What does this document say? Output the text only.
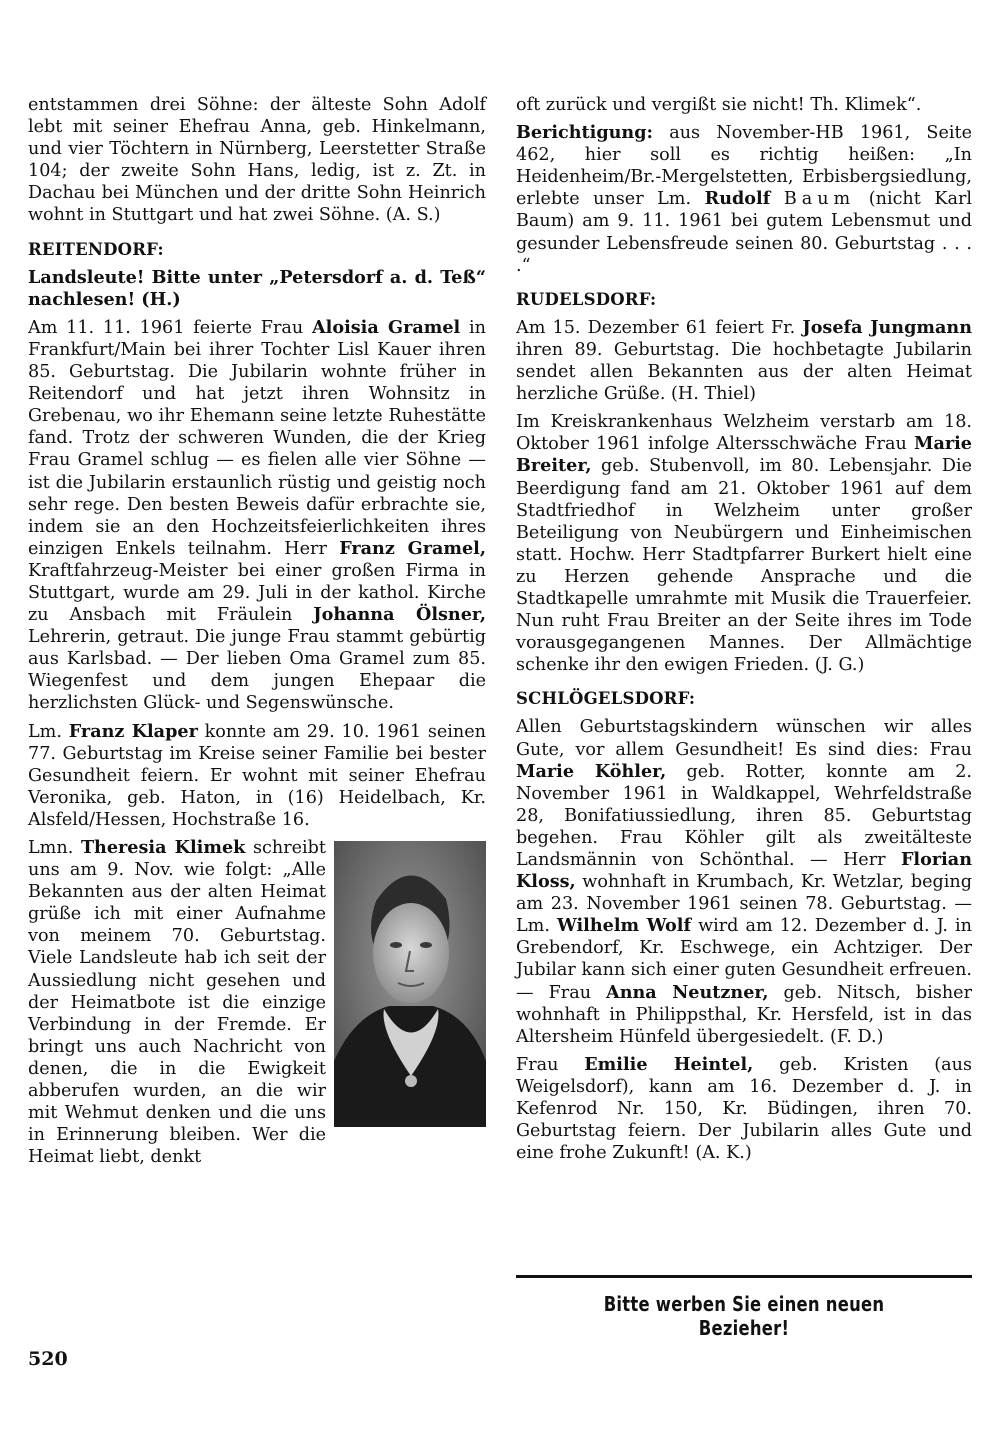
entstammen drei Söhne: der älteste Sohn Adolf lebt mit seiner Ehefrau Anna, geb. Hinkelmann, und vier Töchtern in Nürnberg, Leerstetter Straße 104; der zweite Sohn Hans, ledig, ist z. Zt. in Dachau bei München und der dritte Sohn Heinrich wohnt in Stuttgart und hat zwei Söhne. (A. S.)

REITENDORF:

Landsleute! Bitte unter „Petersdorf a. d. Teß“ nachlesen! (H.)

Am 11. 11. 1961 feierte Frau Aloisia Gramel in Frankfurt/Main bei ihrer Tochter Lisl Kauer ihren 85. Geburtstag. Die Jubilarin wohnte früher in Reitendorf und hat jetzt ihren Wohnsitz in Grebenau, wo ihr Ehemann seine letzte Ruhestätte fand. Trotz der schweren Wunden, die der Krieg Frau Gramel schlug — es fielen alle vier Söhne — ist die Jubilarin erstaunlich rüstig und geistig noch sehr rege. Den besten Beweis dafür erbrachte sie, indem sie an den Hochzeitsfeierlichkeiten ihres einzigen Enkels teilnahm. Herr Franz Gramel, Kraftfahrzeug-Meister bei einer großen Firma in Stuttgart, wurde am 29. Juli in der kathol. Kirche zu Ansbach mit Fräulein Johanna Ölsner, Lehrerin, getraut. Die junge Frau stammt gebürtig aus Karlsbad. — Der lieben Oma Gramel zum 85. Wiegenfest und dem jungen Ehepaar die herzlichsten Glück- und Segenswünsche.

Lm. Franz Klaper konnte am 29. 10. 1961 seinen 77. Geburtstag im Kreise seiner Familie bei bester Gesundheit feiern. Er wohnt mit seiner Ehefrau Veronika, geb. Haton, in (16) Heidelbach, Kr. Alsfeld/Hessen, Hochstraße 16.

Lmn. Theresia Klimek schreibt uns am 9. Nov. wie folgt: „Alle Bekannten aus der alten Heimat grüße ich mit einer Aufnahme von meinem 70. Geburtstag. Viele Landsleute hab ich seit der Aussiedlung nicht gesehen und der Heimatbote ist die einzige Verbindung in der Fremde. Er bringt uns auch Nachricht von denen, die in die Ewigkeit abberufen wurden, an die wir mit Wehmut denken und die uns in Erinnerung bleiben. Wer die Heimat liebt, denkt

oft zurück und vergißt sie nicht! Th. Klimek“.

Berichtigung: aus November-HB 1961, Seite 462, hier soll es richtig heißen: „In Heidenheim/Br.-Mergelstetten, Erbisbergsiedlung, erlebte unser Lm. Rudolf Baum (nicht Karl Baum) am 9. 11. 1961 bei gutem Lebensmut und gesunder Lebensfreude seinen 80. Geburtstag . . . .“

RUDELSDORF:

Am 15. Dezember 61 feiert Fr. Josefa Jungmann ihren 89. Geburtstag. Die hochbetagte Jubilarin sendet allen Bekannten aus der alten Heimat herzliche Grüße. (H. Thiel)

Im Kreiskrankenhaus Welzheim verstarb am 18. Oktober 1961 infolge Altersschwäche Frau Marie Breiter, geb. Stubenvoll, im 80. Lebensjahr. Die Beerdigung fand am 21. Oktober 1961 auf dem Stadtfriedhof in Welzheim unter großer Beteiligung von Neubürgern und Einheimischen statt. Hochw. Herr Stadtpfarrer Burkert hielt eine zu Herzen gehende Ansprache und die Stadtkapelle umrahmte mit Musik die Trauerfeier. Nun ruht Frau Breiter an der Seite ihres im Tode vorausgegangenen Mannes. Der Allmächtige schenke ihr den ewigen Frieden. (J. G.)

SCHLÖGELSDORF:

Allen Geburtstagskindern wünschen wir alles Gute, vor allem Gesundheit! Es sind dies: Frau Marie Köhler, geb. Rotter, konnte am 2. November 1961 in Waldkappel, Wehrfeldstraße 28, Bonifatiussiedlung, ihren 85. Geburtstag begehen. Frau Köhler gilt als zweitälteste Landsmännin von Schönthal. — Herr Florian Kloss, wohnhaft in Krumbach, Kr. Wetzlar, beging am 23. November 1961 seinen 78. Geburtstag. — Lm. Wilhelm Wolf wird am 12. Dezember d. J. in Grebendorf, Kr. Eschwege, ein Achtziger. Der Jubilar kann sich einer guten Gesundheit erfreuen. — Frau Anna Neutzner, geb. Nitsch, bisher wohnhaft in Philippsthal, Kr. Hersfeld, ist in das Altersheim Hünfeld übergesiedelt. (F. D.)

Frau Emilie Heintel, geb. Kristen (aus Weigelsdorf), kann am 16. Dezember d. J. in Kefenrod Nr. 150, Kr. Büdingen, ihren 70. Geburtstag feiern. Der Jubilarin alles Gute und eine frohe Zukunft! (A. K.)

Bitte werben Sie einen neuen Bezieher!
520
